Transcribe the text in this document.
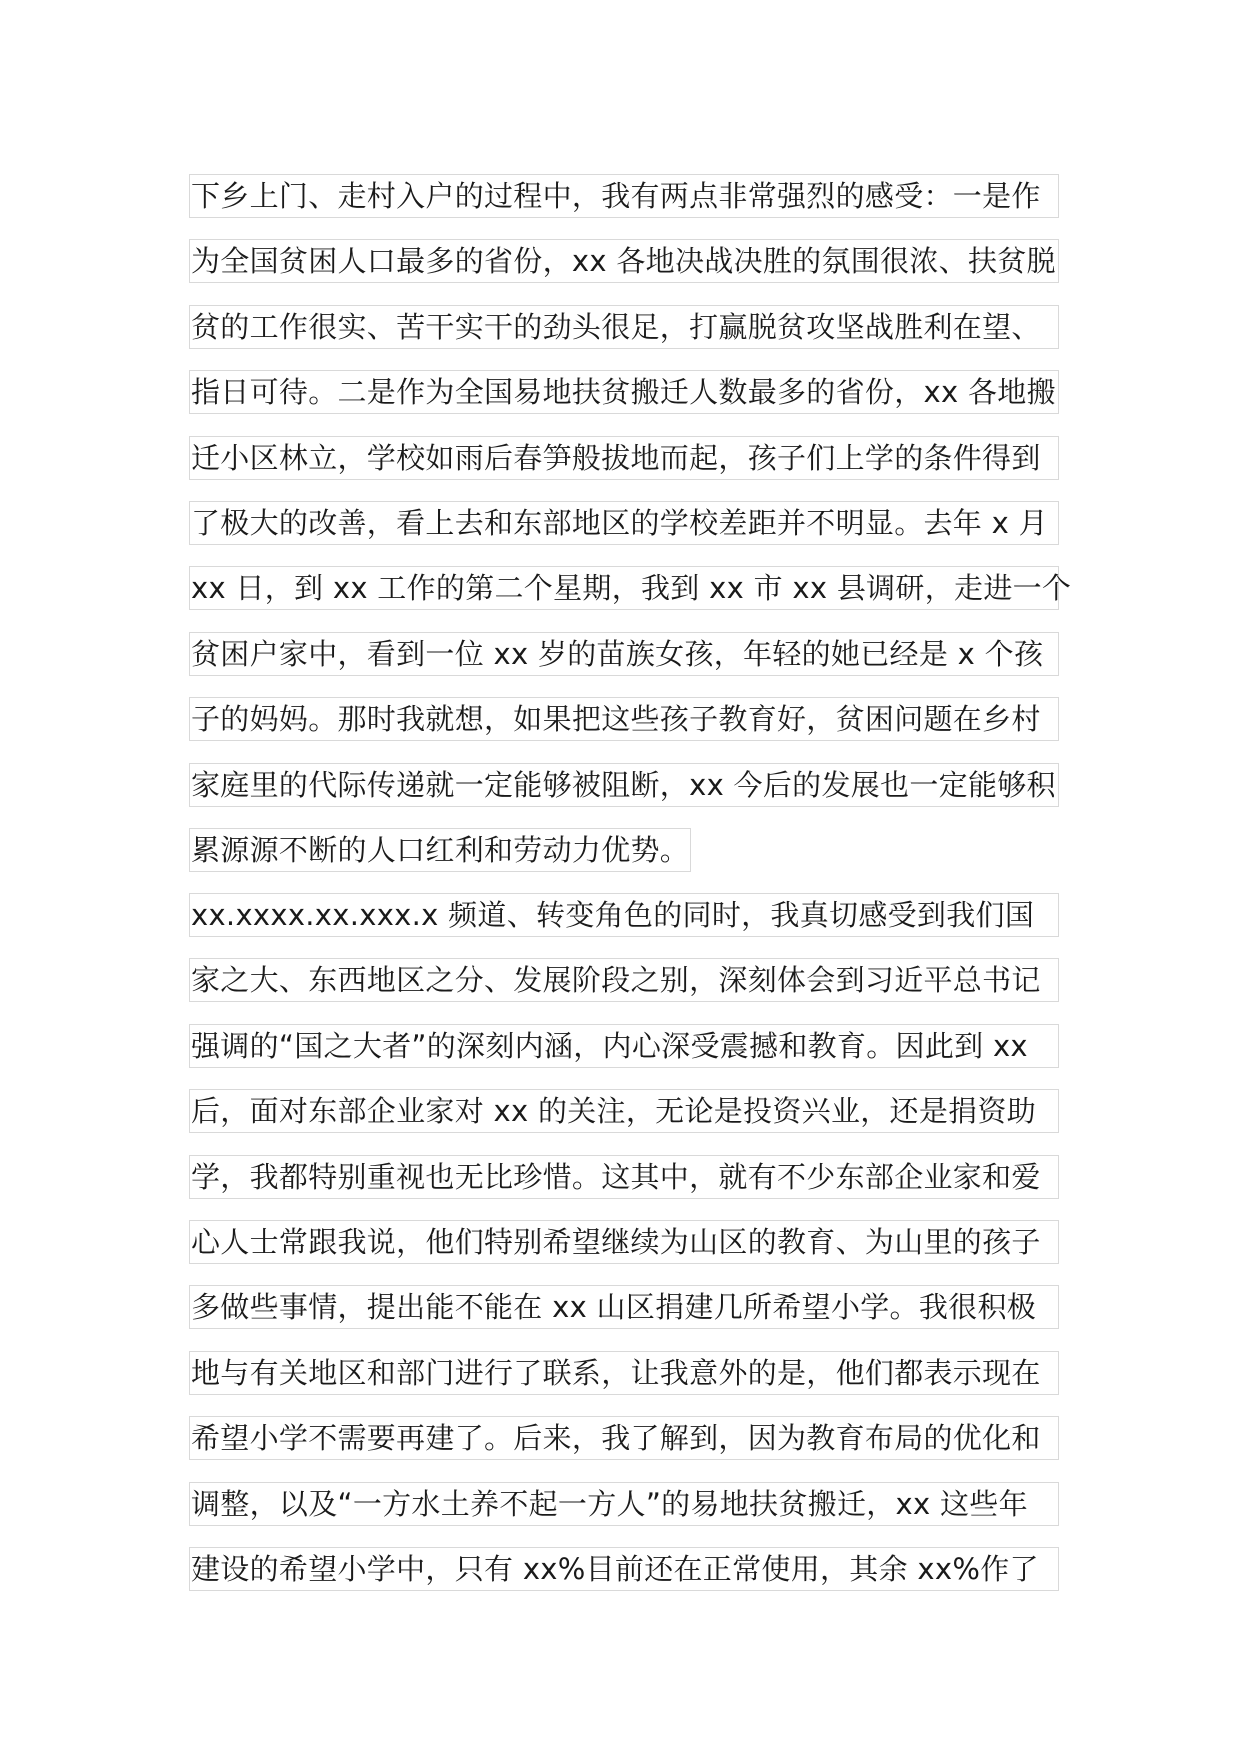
下乡上门、走村入户的过程中，我有两点非常强烈的感受：一是作
为全国贫困人口最多的省份，xx 各地决战决胜的氛围很浓、扶贫脱
贫的工作很实、苦干实干的劲头很足，打赢脱贫攻坚战胜利在望、
指日可待。二是作为全国易地扶贫搬迁人数最多的省份，xx 各地搬
迁小区林立，学校如雨后春笋般拔地而起，孩子们上学的条件得到
了极大的改善，看上去和东部地区的学校差距并不明显。去年 x 月
xx 日，到 xx 工作的第二个星期，我到 xx 市 xx 县调研，走进一个
贫困户家中，看到一位 xx 岁的苗族女孩，年轻的她已经是 x 个孩
子的妈妈。那时我就想，如果把这些孩子教育好，贫困问题在乡村
家庭里的代际传递就一定能够被阻断，xx 今后的发展也一定能够积
累源源不断的人口红利和劳动力优势。
xx.xxxx.xx.xxx.x 频道、转变角色的同时，我真切感受到我们国
家之大、东西地区之分、发展阶段之别，深刻体会到习近平总书记
强调的“国之大者”的深刻内涵，内心深受震撼和教育。因此到 xx
后，面对东部企业家对 xx 的关注，无论是投资兴业，还是捐资助
学，我都特别重视也无比珍惜。这其中，就有不少东部企业家和爱
心人士常跟我说，他们特别希望继续为山区的教育、为山里的孩子
多做些事情，提出能不能在 xx 山区捐建几所希望小学。我很积极
地与有关地区和部门进行了联系，让我意外的是，他们都表示现在
希望小学不需要再建了。后来，我了解到，因为教育布局的优化和
调整，以及“一方水土养不起一方人”的易地扶贫搬迁，xx 这些年
建设的希望小学中，只有 xx%目前还在正常使用，其余 xx%作了
